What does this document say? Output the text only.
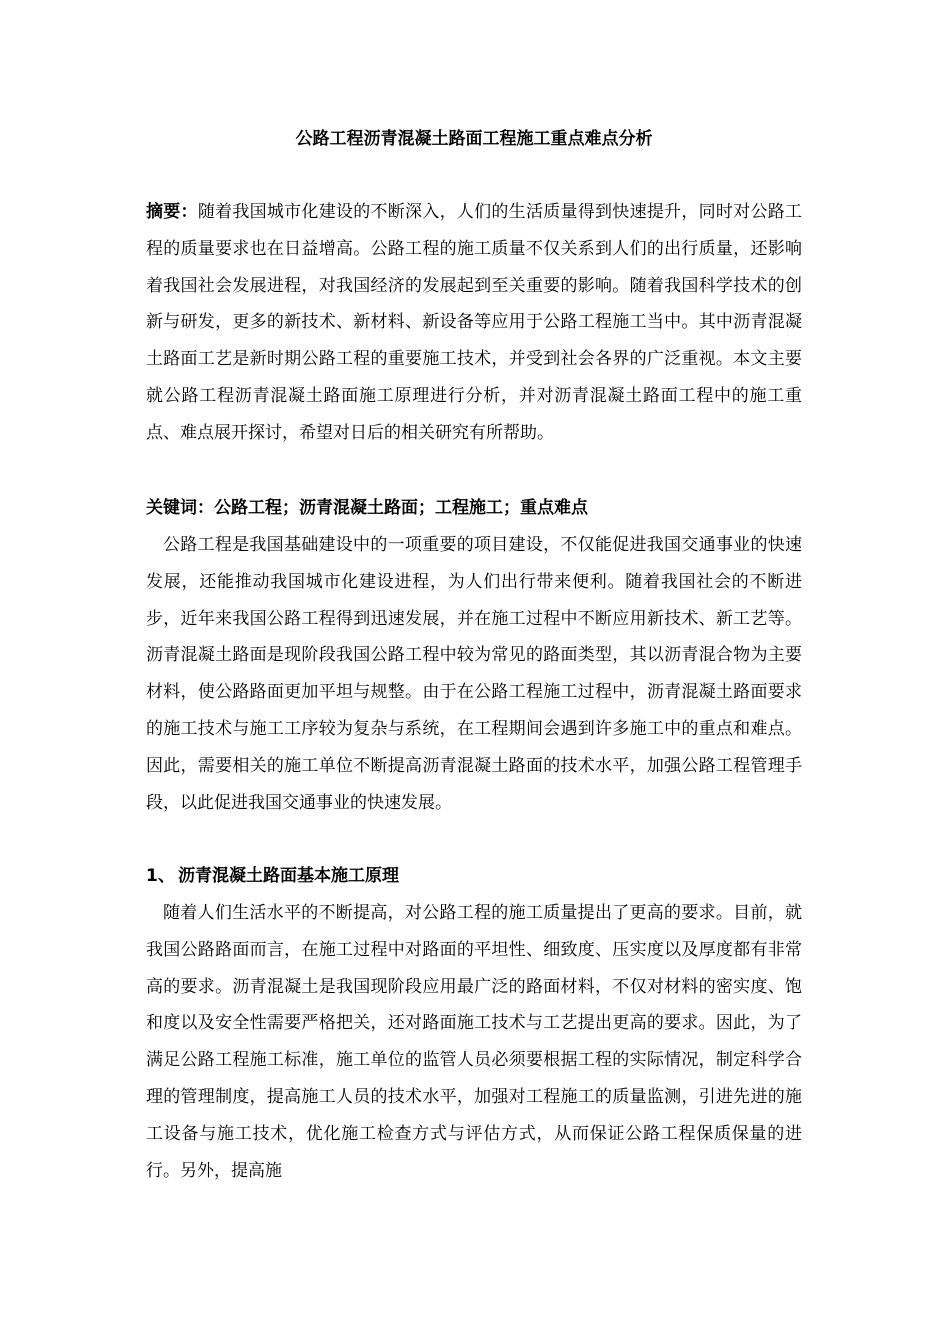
公路工程沥青混凝土路面工程施工重点难点分析

摘要：随着我国城市化建设的不断深入，人们的生活质量得到快速提升，同时对公路工程的质量要求也在日益增高。公路工程的施工质量不仅关系到人们的出行质量，还影响着我国社会发展进程，对我国经济的发展起到至关重要的影响。随着我国科学技术的创新与研发，更多的新技术、新材料、新设备等应用于公路工程施工当中。其中沥青混凝土路面工艺是新时期公路工程的重要施工技术，并受到社会各界的广泛重视。本文主要就公路工程沥青混凝土路面施工原理进行分析，并对沥青混凝土路面工程中的施工重点、难点展开探讨，希望对日后的相关研究有所帮助。

关键词：公路工程；沥青混凝土路面；工程施工；重点难点

公路工程是我国基础建设中的一项重要的项目建设，不仅能促进我国交通事业的快速发展，还能推动我国城市化建设进程，为人们出行带来便利。随着我国社会的不断进步，近年来我国公路工程得到迅速发展，并在施工过程中不断应用新技术、新工艺等。沥青混凝土路面是现阶段我国公路工程中较为常见的路面类型，其以沥青混合物为主要材料，使公路路面更加平坦与规整。由于在公路工程施工过程中，沥青混凝土路面要求的施工技术与施工工序较为复杂与系统，在工程期间会遇到许多施工中的重点和难点。因此，需要相关的施工单位不断提高沥青混凝土路面的技术水平，加强公路工程管理手段，以此促进我国交通事业的快速发展。

1、 沥青混凝土路面基本施工原理

随着人们生活水平的不断提高，对公路工程的施工质量提出了更高的要求。目前，就我国公路路面而言，在施工过程中对路面的平坦性、细致度、压实度以及厚度都有非常高的要求。沥青混凝土是我国现阶段应用最广泛的路面材料，不仅对材料的密实度、饱和度以及安全性需要严格把关，还对路面施工技术与工艺提出更高的要求。因此，为了满足公路工程施工标准，施工单位的监管人员必须要根据工程的实际情况，制定科学合理的管理制度，提高施工人员的技术水平，加强对工程施工的质量监测，引进先进的施工设备与施工技术，优化施工检查方式与评估方式，从而保证公路工程保质保量的进行。另外，提高施
